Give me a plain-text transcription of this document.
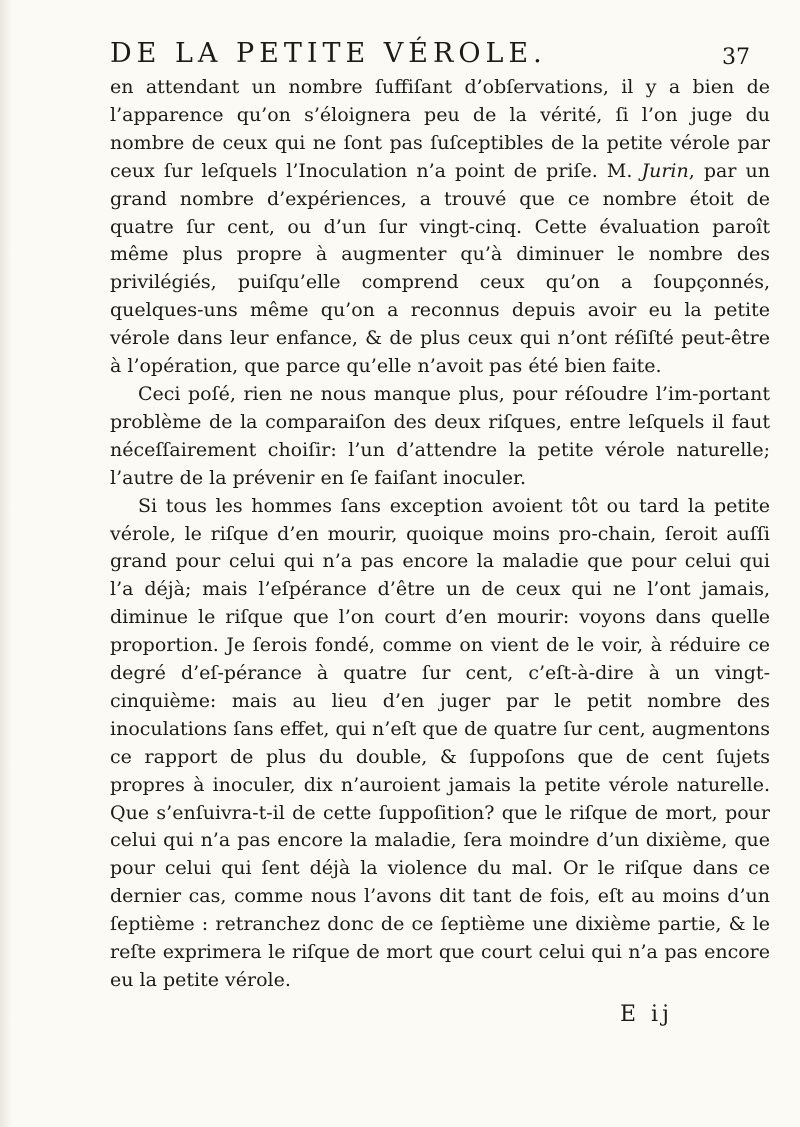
DE LA PETITE VÉROLE.	37

en attendant un nombre ſuffiſant d’obſervations, il y a bien de l’apparence qu’on s’éloignera peu de la vérité, ſi l’on juge du nombre de ceux qui ne ſont pas ſuſceptibles de la petite vérole par ceux ſur leſquels l’Inoculation n’a point de priſe. M. Jurin, par un grand nombre d’expériences, a trouvé que ce nombre étoit de quatre ſur cent, ou d’un ſur vingt-cinq. Cette évaluation paroît même plus propre à augmenter qu’à diminuer le nombre des privilégiés, puiſqu’elle comprend ceux qu’on a ſoupçonnés, quelques-uns même qu’on a reconnus depuis avoir eu la petite vérole dans leur enfance, & de plus ceux qui n’ont réſiſté peut-être à l’opération, que parce qu’elle n’avoit pas été bien faite.

Ceci poſé, rien ne nous manque plus, pour réſoudre l’im-portant problème de la comparaiſon des deux riſques, entre leſquels il faut néceſſairement choiſir: l’un d’attendre la petite vérole naturelle; l’autre de la prévenir en ſe faiſant inoculer.

Si tous les hommes ſans exception avoient tôt ou tard la petite vérole, le riſque d’en mourir, quoique moins pro-chain, ſeroit auſſi grand pour celui qui n’a pas encore la maladie que pour celui qui l’a déjà; mais l’eſpérance d’être un de ceux qui ne l’ont jamais, diminue le riſque que l’on court d’en mourir: voyons dans quelle proportion. Je ſerois fondé, comme on vient de le voir, à réduire ce degré d’eſ-pérance à quatre ſur cent, c’eſt-à-dire à un vingt-cinquième: mais au lieu d’en juger par le petit nombre des inoculations ſans effet, qui n’eſt que de quatre ſur cent, augmentons ce rapport de plus du double, & ſuppoſons que de cent ſujets propres à inoculer, dix n’auroient jamais la petite vérole naturelle. Que s’enſuivra-t-il de cette ſuppoſition? que le riſque de mort, pour celui qui n’a pas encore la maladie, ſera moindre d’un dixième, que pour celui qui ſent déjà la violence du mal. Or le riſque dans ce dernier cas, comme nous l’avons dit tant de fois, eſt au moins d’un ſeptième : retranchez donc de ce ſeptième une dixième partie, & le reſte exprimera le riſque de mort que court celui qui n’a pas encore eu la petite vérole.

E ij
